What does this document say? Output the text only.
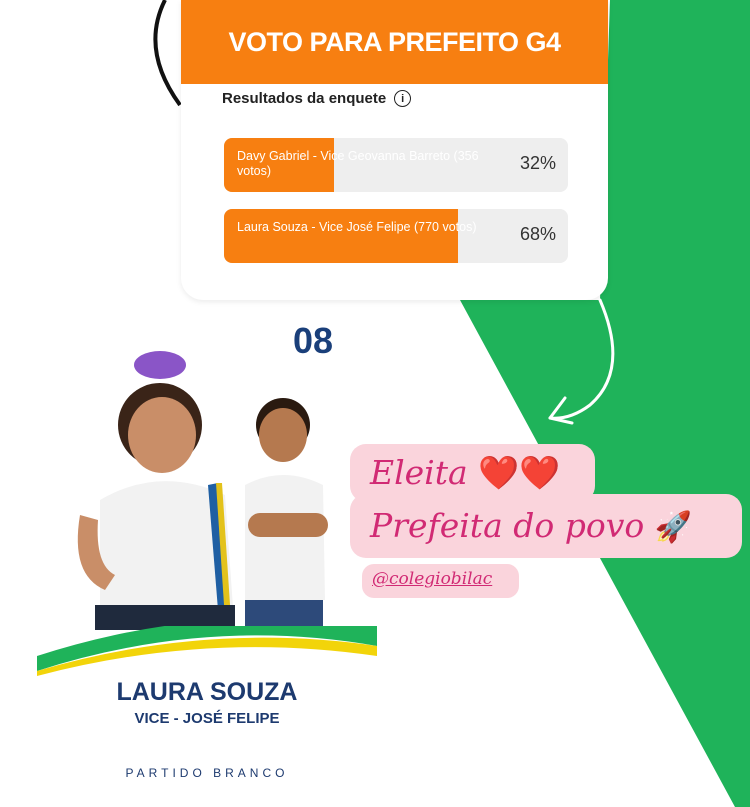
VOTO PARA PREFEITO G4
Resultados da enquete	i
Davy Gabriel - Vice Geovanna Barreto (356 votos)	32%
Laura Souza - Vice José Felipe (770 votos)	68%
08
LAURA SOUZA
VICE - JOSÉ FELIPE
PARTIDO BRANCO
Eleita ❤️❤️
Prefeita do povo 🚀
@colegiobilac
